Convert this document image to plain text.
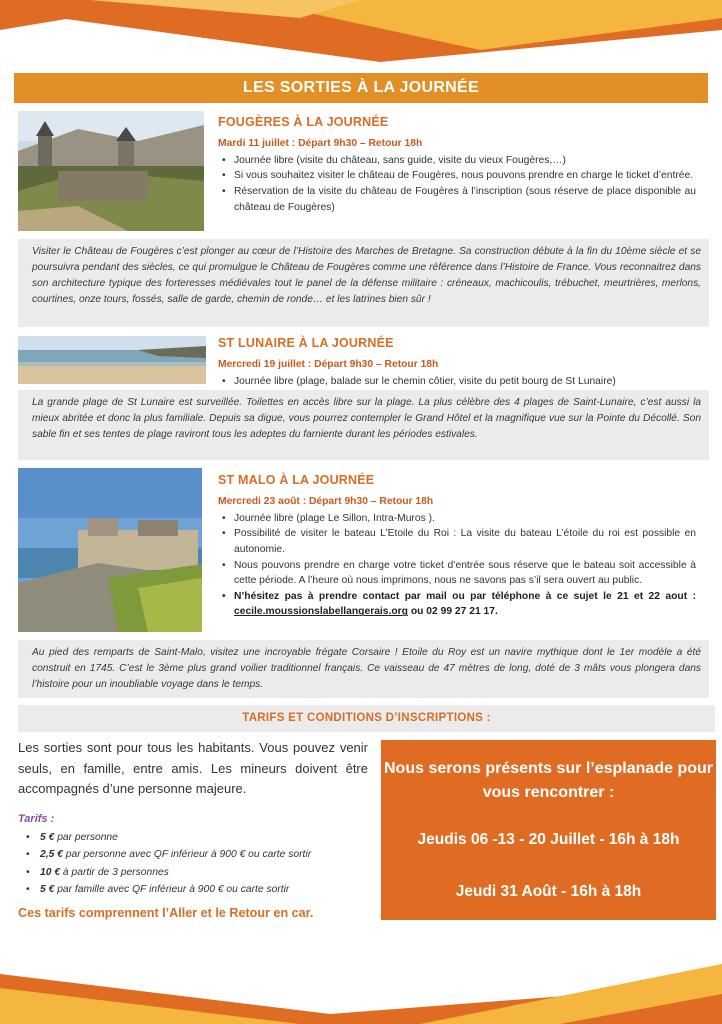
LES SORTIES À LA JOURNÉE
FOUGÈRES À LA JOURNÉE
Mardi 11 juillet : Départ 9h30 – Retour 18h
• Journée libre (visite du château, sans guide, visite du vieux Fougères,…)
• Si vous souhaitez visiter le château de Fougères, nous pouvons prendre en charge le ticket d’entrée.
• Réservation de la visite du château de Fougères à l’inscription (sous réserve de place disponible au château de Fougères)
Visiter le Château de Fougères c’est plonger au cœur de l’Histoire des Marches de Bretagne. Sa construction débute à la fin du 10ème siècle et se poursuivra pendant des siècles, ce qui promulgue le Château de Fougères comme une référence dans l’Histoire de France. Vous reconnaitrez dans son architecture typique des forteresses médiévales tout le panel de la défense militaire : créneaux, machicoulis, trébuchet, meurtrières, merlons, courtines, onze tours, fossés, salle de garde, chemin de ronde… et les latrines bien sûr !
ST LUNAIRE À LA JOURNÉE
Mercredi 19 juillet : Départ 9h30 – Retour 18h
• Journée libre (plage, balade sur le chemin côtier, visite du petit bourg de St Lunaire)
La grande plage de St Lunaire est surveillée. Toilettes en accès libre sur la plage. La plus célèbre des 4 plages de Saint-Lunaire, c’est aussi la mieux abritée et donc la plus familiale. Depuis sa digue, vous pourrez contempler le Grand Hôtel et la magnifique vue sur la Pointe du Décollé. Son sable fin et ses tentes de plage raviront tous les adeptes du farniente durant les périodes estivales.
ST MALO À LA JOURNÉE
Mercredi 23 août : Départ 9h30 – Retour 18h
• Journée libre (plage Le Sillon, Intra-Muros ).
• Possibilité de visiter le bateau L’Etoile du Roi : La visite du bateau L’étoile du roi est possible en autonomie.
• Nous pouvons prendre en charge votre ticket d’entrée sous réserve que le bateau soit accessible à cette période. A l’heure où nous imprimons, nous ne savons pas s’il sera ouvert au public.
• N’hésitez pas à prendre contact par mail ou par téléphone à ce sujet le 21 et 22 aout : cecile.moussionslabellangerais.org ou 02 99 27 21 17.
Au pied des remparts de Saint-Malo, visitez une incroyable frégate Corsaire ! Etoile du Roy est un navire mythique dont le 1er modèle a été construit en 1745. C’est le 3ème plus grand voilier traditionnel français. Ce vaisseau de 47 mètres de long, doté de 3 mâts vous plongera dans l’histoire pour un inoubliable voyage dans le temps.
TARIFS ET CONDITIONS D’INSCRIPTIONS :
Les sorties sont pour tous les habitants. Vous pouvez venir seuls, en famille, entre amis. Les mineurs doivent être accompagnés d’une personne majeure.
Tarifs :
• 5 € par personne
• 2,5 € par personne avec QF inférieur à 900 € ou carte sortir
• 10 € à partir de 3 personnes
• 5 € par famille avec QF inférieur à 900 € ou carte sortir
Ces tarifs comprennent l’Aller et le Retour en car.
Nous serons présents sur l’esplanade pour vous rencontrer :
Jeudis 06 -13 - 20 Juillet - 16h à 18h
Jeudi 31 Août - 16h à 18h
